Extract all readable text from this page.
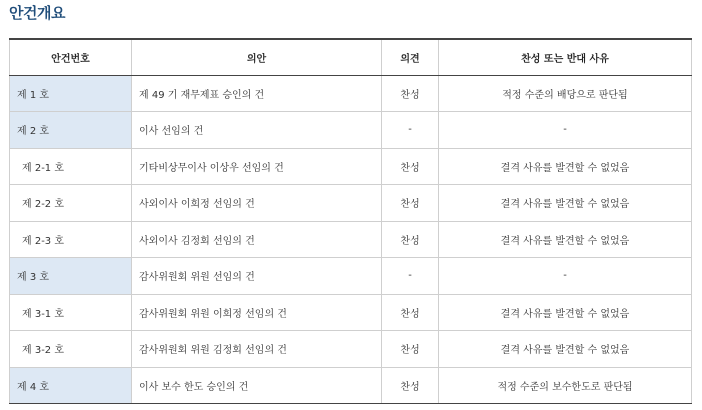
안건개요
안건번호	의안	의견	찬성 또는 반대 사유
제 1 호	제 49 기 재무제표 승인의 건	찬성	적정 수준의 배당으로 판단됨
제 2 호	이사 선임의 건	-	-
제 2-1 호	기타비상무이사 이상우 선임의 건	찬성	결격 사유를 발견할 수 없었음
제 2-2 호	사외이사 이희정 선임의 건	찬성	결격 사유를 발견할 수 없었음
제 2-3 호	사외이사 김정회 선임의 건	찬성	결격 사유를 발견할 수 없었음
제 3 호	감사위원회 위원 선임의 건	-	-
제 3-1 호	감사위원회 위원 이희정 선임의 건	찬성	결격 사유를 발견할 수 없었음
제 3-2 호	감사위원회 위원 김정회 선임의 건	찬성	결격 사유를 발견할 수 없었음
제 4 호	이사 보수 한도 승인의 건	찬성	적정 수준의 보수한도로 판단됨
